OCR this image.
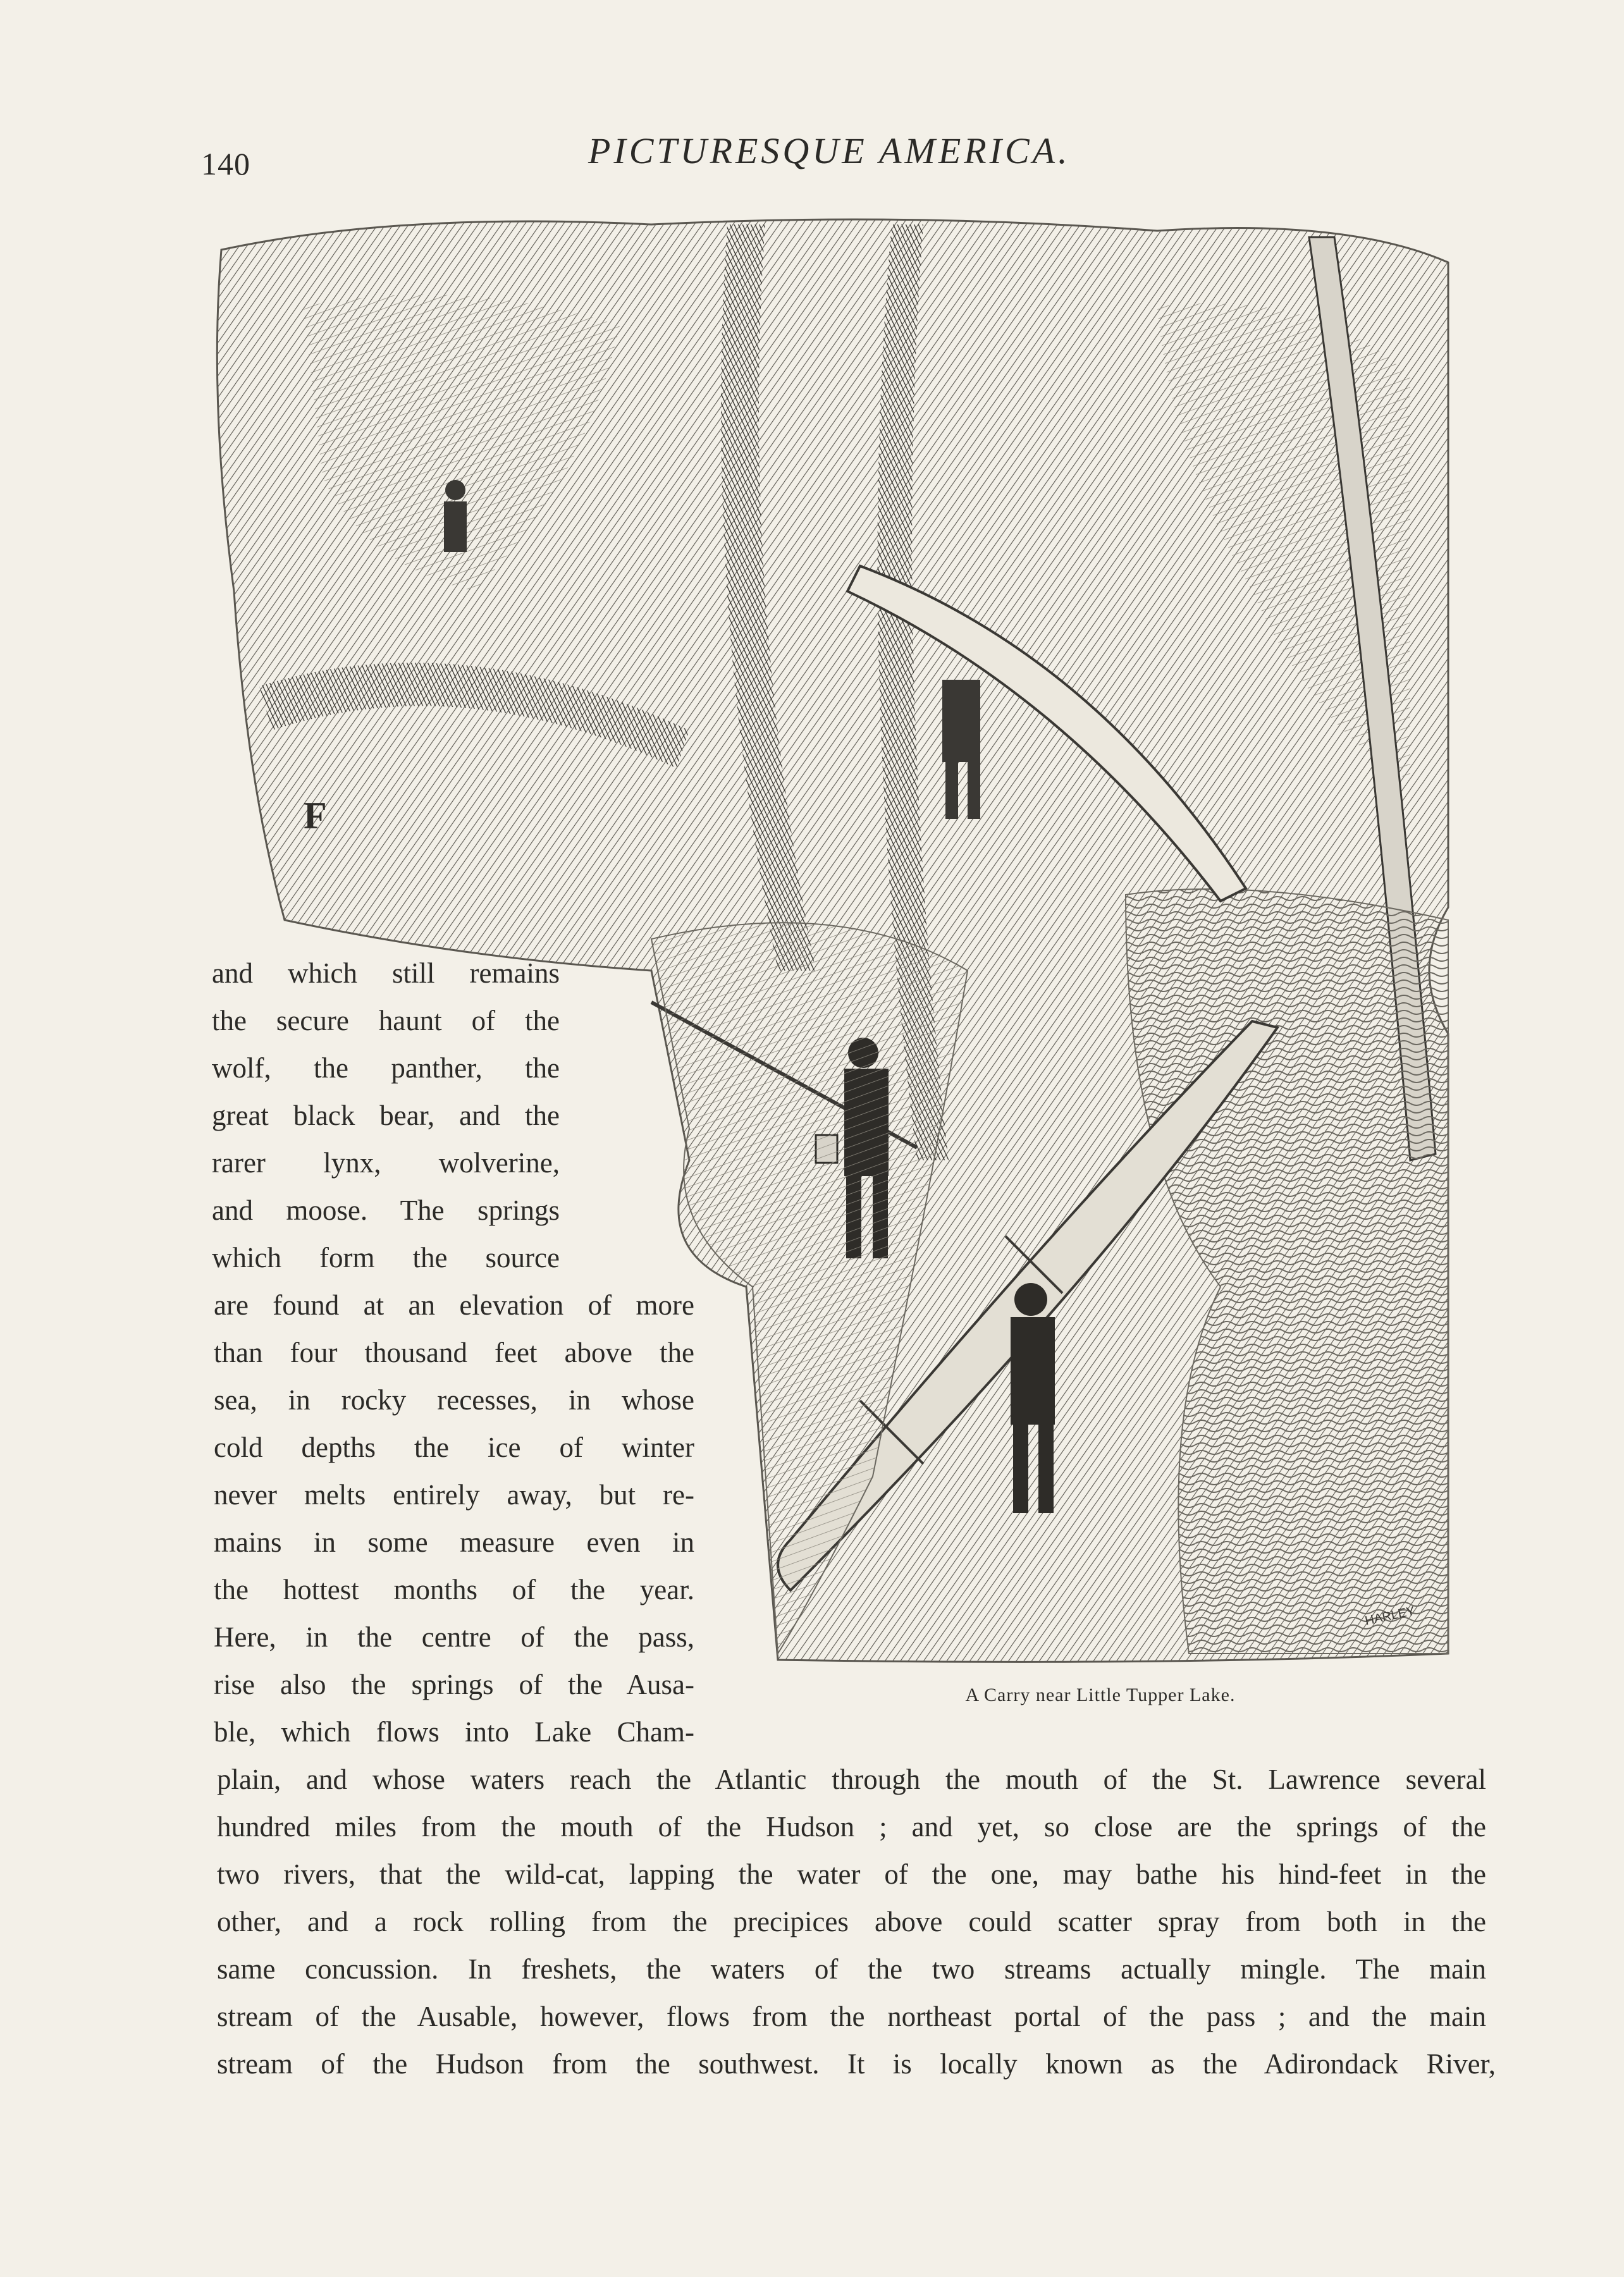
140	PICTURESQUE AMERICA.
F
HARLEY
A Carry near Little Tupper Lake.
and which still remains
the secure haunt of the
wolf, the panther, the
great black bear, and the
rarer lynx, wolverine,
and moose. The springs
which form the source
are found at an elevation of more
than four thousand feet above the
sea, in rocky recesses, in whose
cold depths the ice of winter
never melts entirely away, but re-
mains in some measure even in
the hottest months of the year.
Here, in the centre of the pass,
rise also the springs of the Ausa-
ble, which flows into Lake Cham-
plain, and whose waters reach the Atlantic through the mouth of the St. Lawrence several
hundred miles from the mouth of the Hudson ; and yet, so close are the springs of the
two rivers, that the wild-cat, lapping the water of the one, may bathe his hind-feet in the
other, and a rock rolling from the precipices above could scatter spray from both in the
same concussion. In freshets, the waters of the two streams actually mingle. The main
stream of the Ausable, however, flows from the northeast portal of the pass ; and the main
stream of the Hudson from the southwest. It is locally known as the Adirondack River,
